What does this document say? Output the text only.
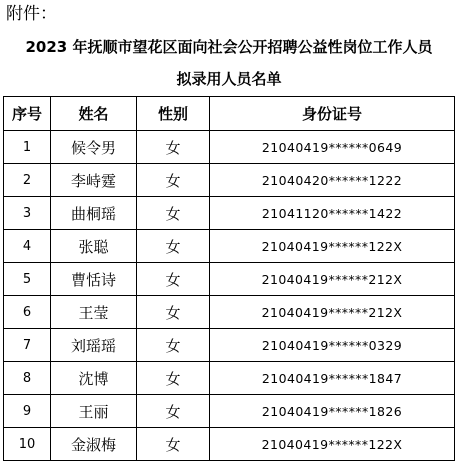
附件：
2023 年抚顺市望花区面向社会公开招聘公益性岗位工作人员
拟录用人员名单
序号	姓名	性别	身份证号
1	候令男	女	21040419******0649
2	李峙霆	女	21040420******1222
3	曲桐瑶	女	21041120******1422
4	张聪	女	21040419******122X
5	曹恬诗	女	21040419******212X
6	王莹	女	21040419******212X
7	刘瑶瑶	女	21040419******0329
8	沈博	女	21040419******1847
9	王丽	女	21040419******1826
10	金淑梅	女	21040419******122X
